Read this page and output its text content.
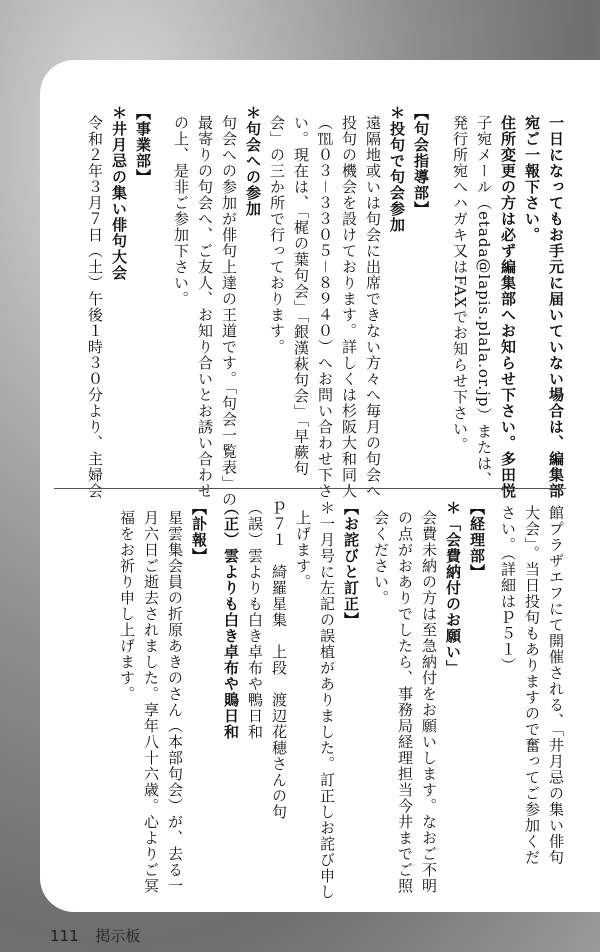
一日になってもお手元に届いていない場合は、編集部
宛ご一報下さい。
住所変更の方は必ず編集部へお知らせ下さい。多田悦
子宛メール（etada@lapis.plala.or.jp）または、
発行所宛へハガキ又はFAXでお知らせ下さい。
【句会指導部】
＊投句で句会参加
遠隔地或いは句会に出席できない方々へ毎月の句会へ
投句の機会を設けております。詳しくは杉阪大和同人
（℡０３－３３０５－８９４０）へお問い合わせ下さ
い。現在は、「梶の葉句会」「銀漢萩句会」「早蕨句
会」の三か所で行っております。
＊句会への参加
句会への参加が俳句上達の王道です。「句会一覧表」の
最寄りの句会へ、ご友人、お知り合いとお誘い合わせ
の上、是非ご参加下さい。
【事業部】
＊井月忌の集い俳句大会
令和２年３月７日（土）午後１時３０分より、主婦会
館プラザエフにて開催される、「井月忌の集い俳句
大会」。当日投句もありますので奮ってご参加くだ
さい。（詳細はｐ５１）
【経理部】
＊「会費納付のお願い」
会費未納の方は至急納付をお願いします。なおご不明
の点がおありでしたら、事務局経理担当今井までご照
会ください。
【お詫びと訂正】
＊一月号に左記の誤植がありました。訂正しお詫び申し
上げます。
ｐ７１　綺羅星集　上段　渡辺花穂さんの句
（誤）雲よりも白き卓布や鴨日和
（正）雲よりも白き卓布や鵙日和
【訃報】
星雲集会員の折原あきのさん（本部句会）が、去る一
月六日ご逝去されました。享年八十六歳。心よりご冥
福をお祈り申し上げます。
111 掲示板
